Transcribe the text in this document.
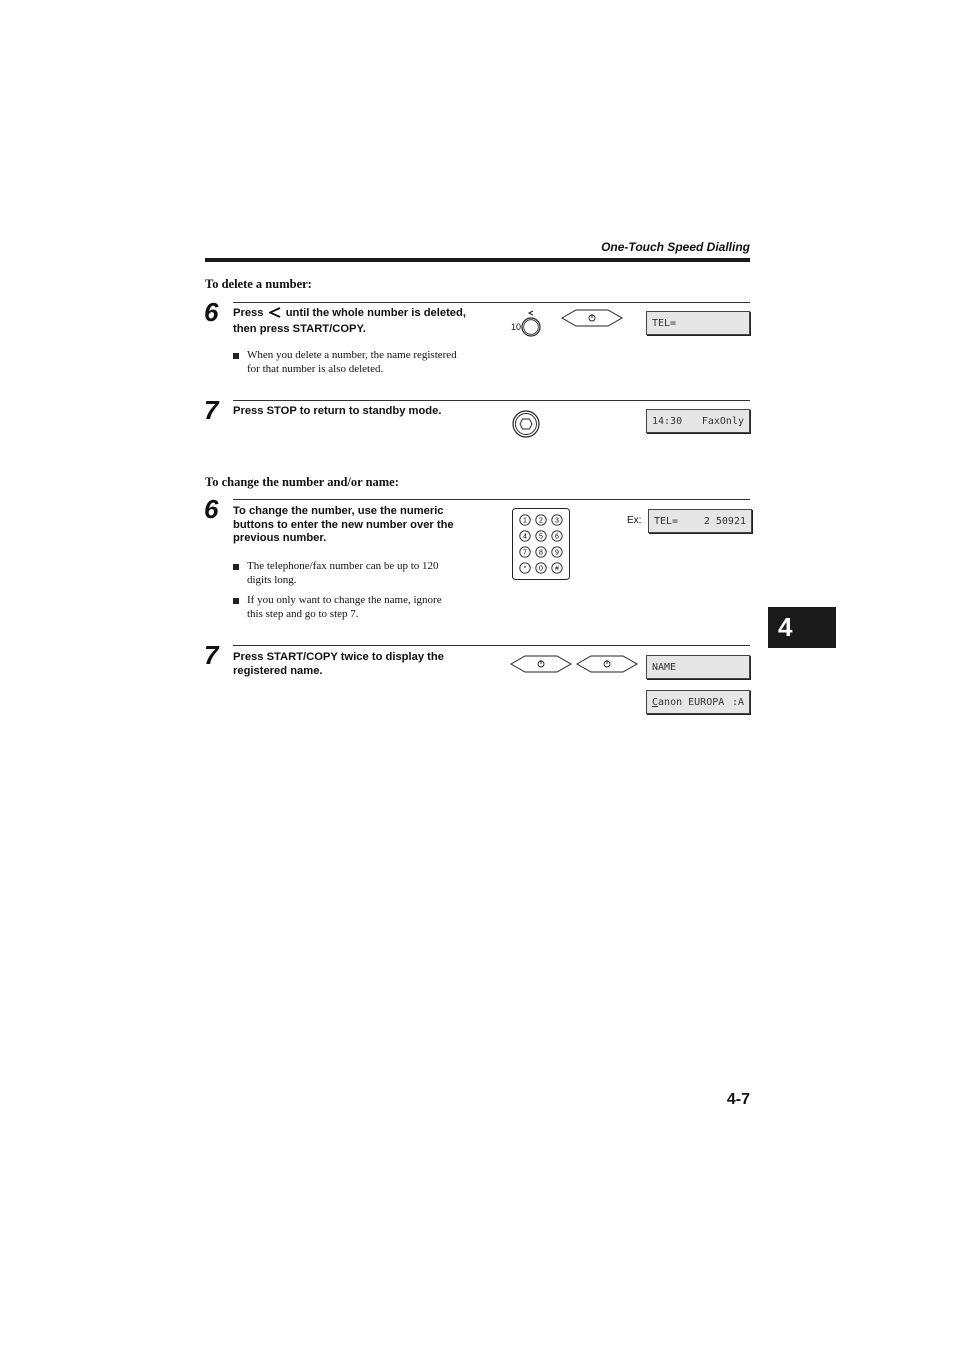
One-Touch Speed Dialling
To delete a number:
6 Press until the whole number is deleted,
then press START/COPY.
When you delete a number, the name registered
for that number is also deleted.
10	TEL=
7 Press STOP to return to standby mode.
14:30 FaxOnly
To change the number and/or name:
6 To change the number, use the numeric
buttons to enter the new number over the
previous number.
The telephone/fax number can be up to 120
digits long.
If you only want to change the name, ignore
this step and go to step 7.
1 2 3
4 5 6
7 8 9
* 0 #
Ex: TEL=	2 50921
7 Press START/COPY twice to display the
registered name.	NAME
Canon EUROPA :A
4
4-7
